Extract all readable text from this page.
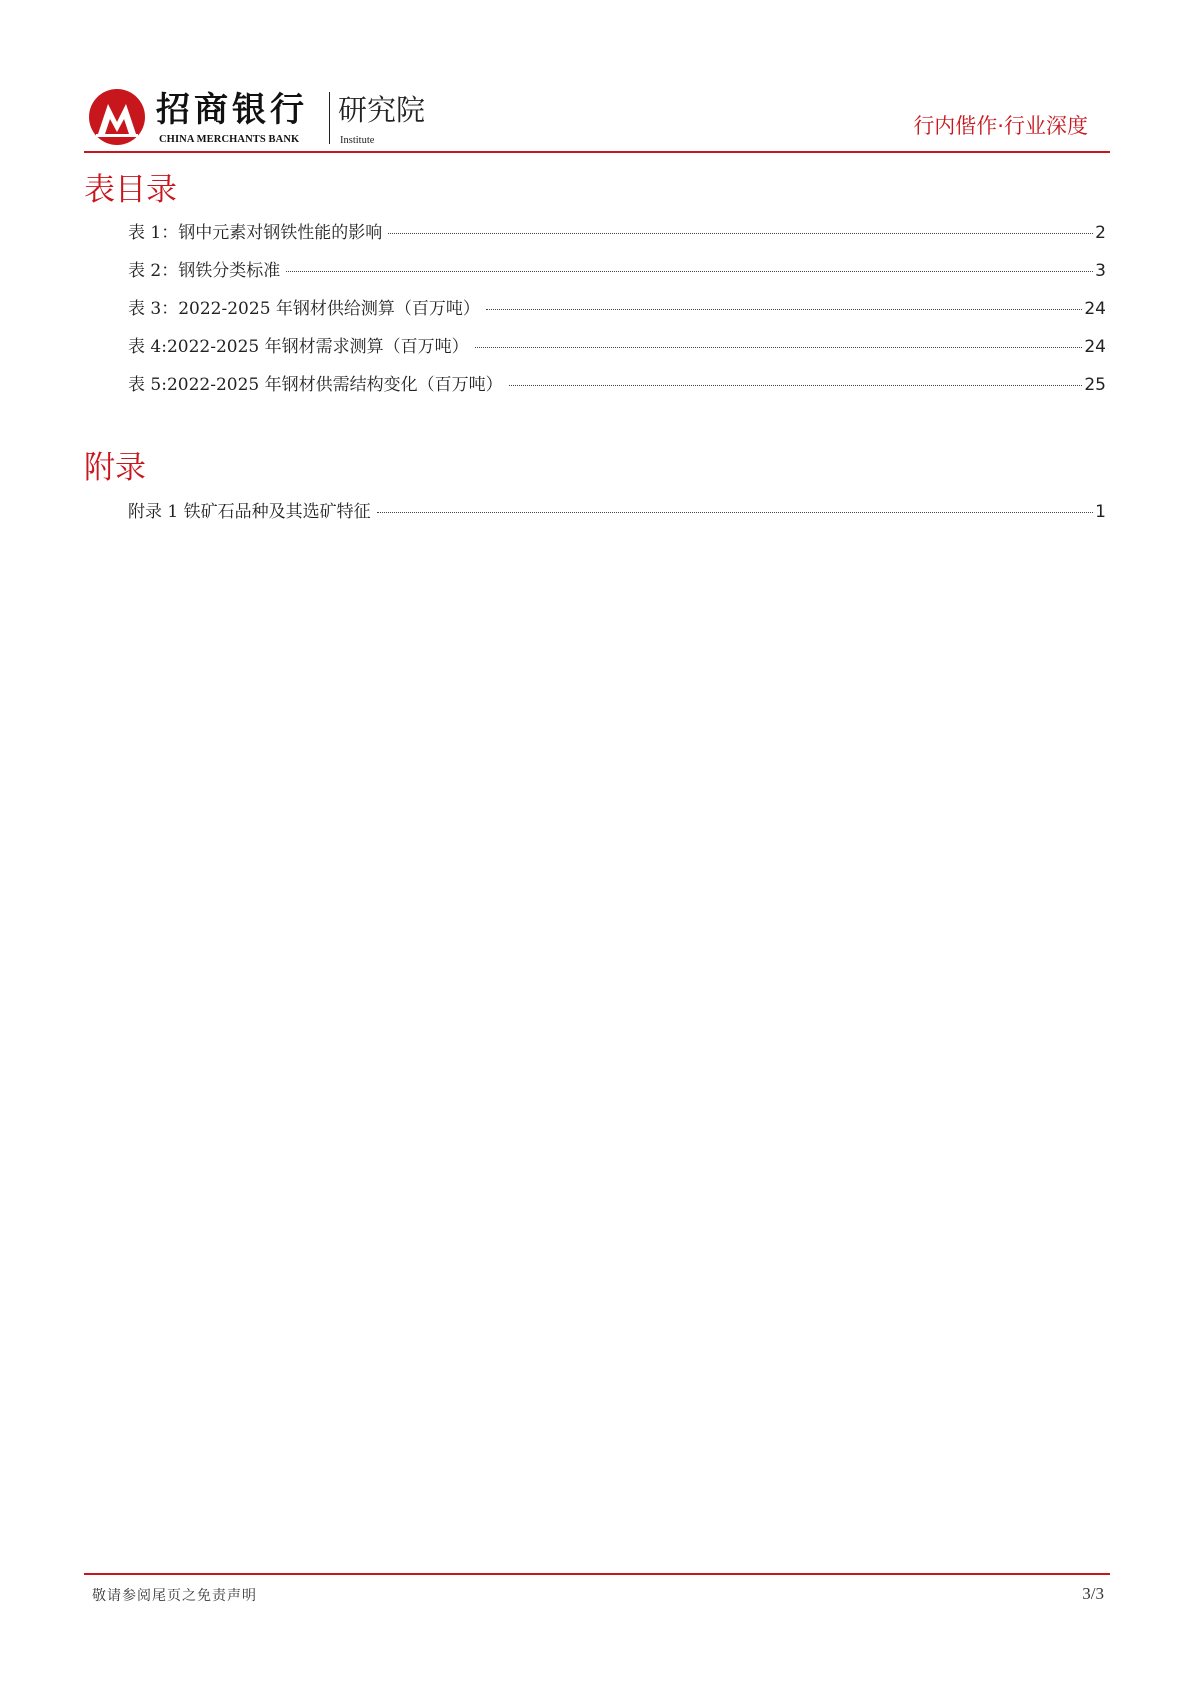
招商银行
CHINA MERCHANTS BANK
研究院
Institute
行内偕作·行业深度
表目录
表 1：钢中元素对钢铁性能的影响	2
表 2：钢铁分类标准	3
表 3：2022-2025 年钢材供给测算（百万吨）	24
表 4:2022-2025 年钢材需求测算（百万吨）	24
表 5:2022-2025 年钢材供需结构变化（百万吨）	25
附录
附录 1 铁矿石品种及其选矿特征	1
敬请参阅尾页之免责声明	3/3
